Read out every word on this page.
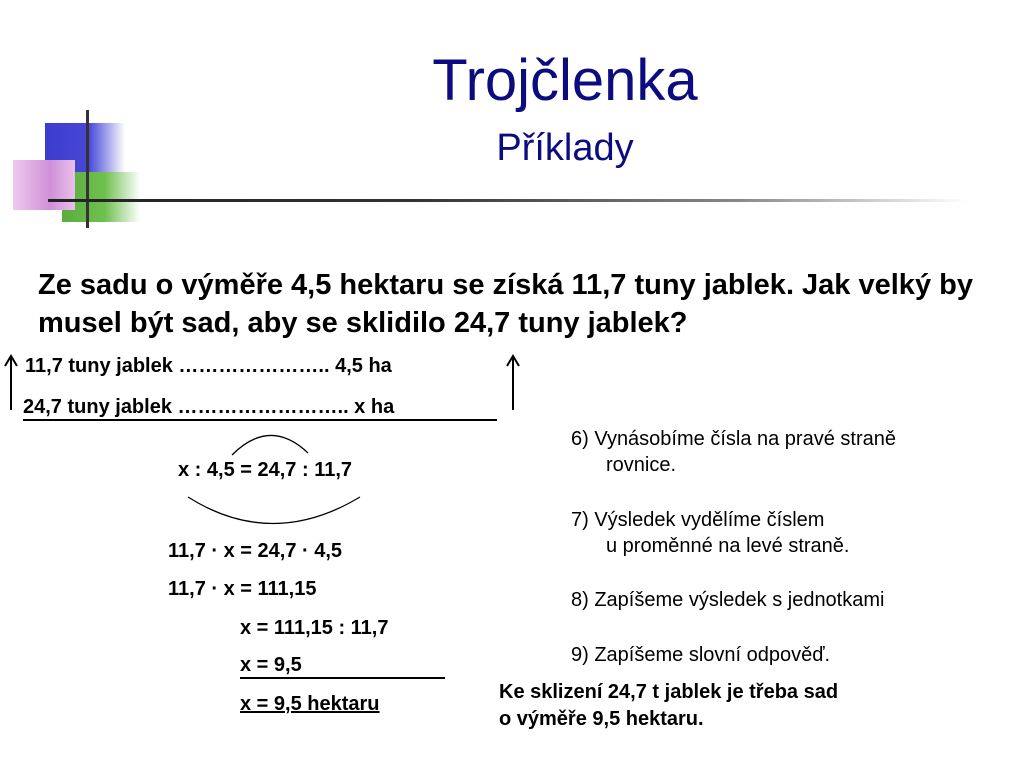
Trojčlenka
Příklady
Ze sadu o výměře 4,5 hektaru se získá 11,7 tuny jablek. Jak velký by musel být sad, aby se sklidilo 24,7 tuny jablek?
11,7 tuny jablek ………………….. 4,5 ha
24,7 tuny jablek …………………….. x ha
x : 4,5 = 24,7 : 11,7
11,7 · x = 24,7 · 4,5
11,7 · x = 111,15
x = 111,15 : 11,7
x = 9,5
x = 9,5 hektaru
6) Vynásobíme čísla na pravé straně
rovnice.
7) Výsledek vydělíme číslem
u proměnné na levé straně.
8) Zapíšeme výsledek s jednotkami
9) Zapíšeme slovní odpověď.
Ke sklizení 24,7 t jablek je třeba sad
o výměře 9,5 hektaru.
